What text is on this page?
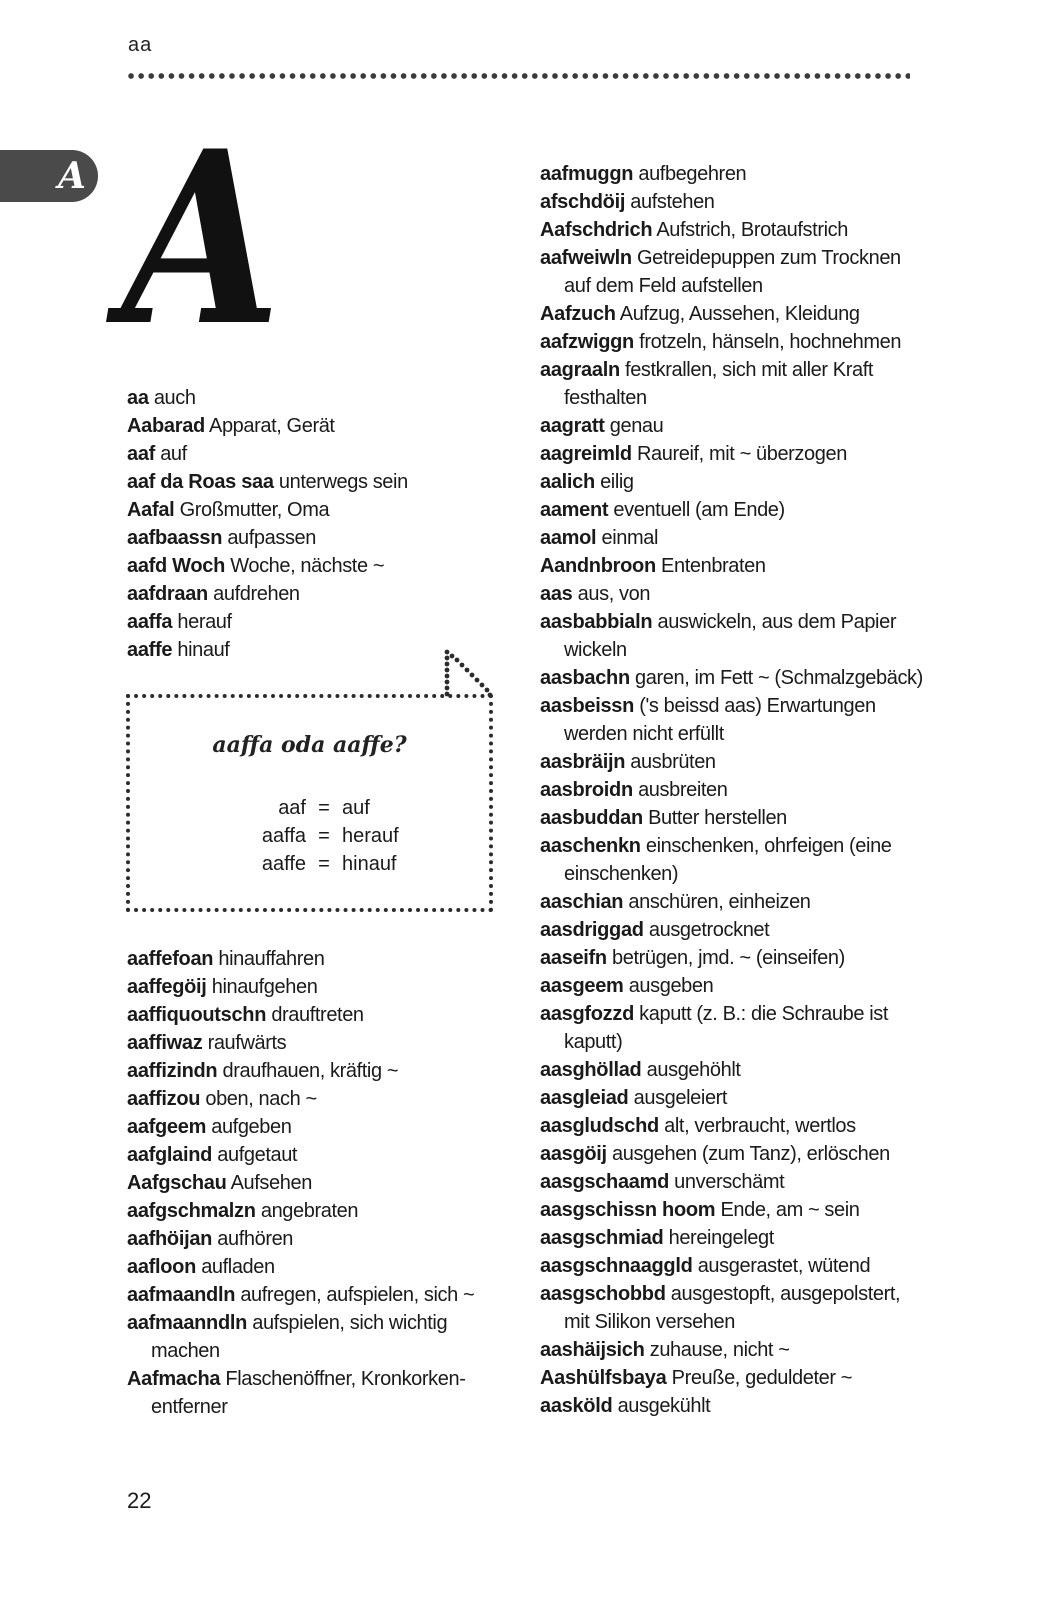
aa
A A

aa auch

Aabarad Apparat, Gerät

aaf auf

aaf da Roas saa unterwegs sein

Aafal Großmutter, Oma

aafbaassn aufpassen

aafd Woch Woche, nächste ~

aafdraan aufdrehen

aaffa herauf

aaffe hinauf

aaffa oda aaffe?
aaf = auf
aaffa = herauf
aaffe = hinauf

aaffefoan hinauffahren

aaffegöij hinaufgehen

aaffiquoutschn drauftreten

aaffiwaz raufwärts

aaffizindn draufhauen, kräftig ~

aaffizou oben, nach ~

aafgeem aufgeben

aafglaind aufgetaut

Aafgschau Aufsehen

aafgschmalzn angebraten

aafhöijan aufhören

aafloon aufladen

aafmaandln aufregen, aufspielen, sich ~

aafmaanndln aufspielen, sich wichtig machen

Aafmacha Flaschenöffner, Kronkorken-entferner

aafmuggn aufbegehren

afschdöij aufstehen

Aafschdrich Aufstrich, Brotaufstrich

aafweiwln Getreidepuppen zum Trocknen auf dem Feld aufstellen

Aafzuch Aufzug, Aussehen, Kleidung

aafzwiggn frotzeln, hänseln, hochnehmen

aagraaln festkrallen, sich mit aller Kraft festhalten

aagratt genau

aagreimld Raureif, mit ~ überzogen

aalich eilig

aament eventuell (am Ende)

aamol einmal

Aandnbroon Entenbraten

aas aus, von

aasbabbialn auswickeln, aus dem Papier wickeln

aasbachn garen, im Fett ~ (Schmalzgebäck)

aasbeissn ('s beissd aas) Erwartungen werden nicht erfüllt

aasbräijn ausbrüten

aasbroidn ausbreiten

aasbuddan Butter herstellen

aaschenkn einschenken, ohrfeigen (eine einschenken)

aaschian anschüren, einheizen

aasdriggad ausgetrocknet

aaseifn betrügen, jmd. ~ (einseifen)

aasgeem ausgeben

aasgfozzd kaputt (z. B.: die Schraube ist kaputt)

aasghöllad ausgehöhlt

aasgleiad ausgeleiert

aasgludschd alt, verbraucht, wertlos

aasgöij ausgehen (zum Tanz), erlöschen

aasgschaamd unverschämt

aasgschissn hoom Ende, am ~ sein

aasgschmiad hereingelegt

aasgschnaaggld ausgerastet, wütend

aasgschobbd ausgestopft, ausgepolstert, mit Silikon versehen

aashäijsich zuhause, nicht ~

Aashülfsbaya Preuße, geduldeter ~

aasköld ausgekühlt

22
